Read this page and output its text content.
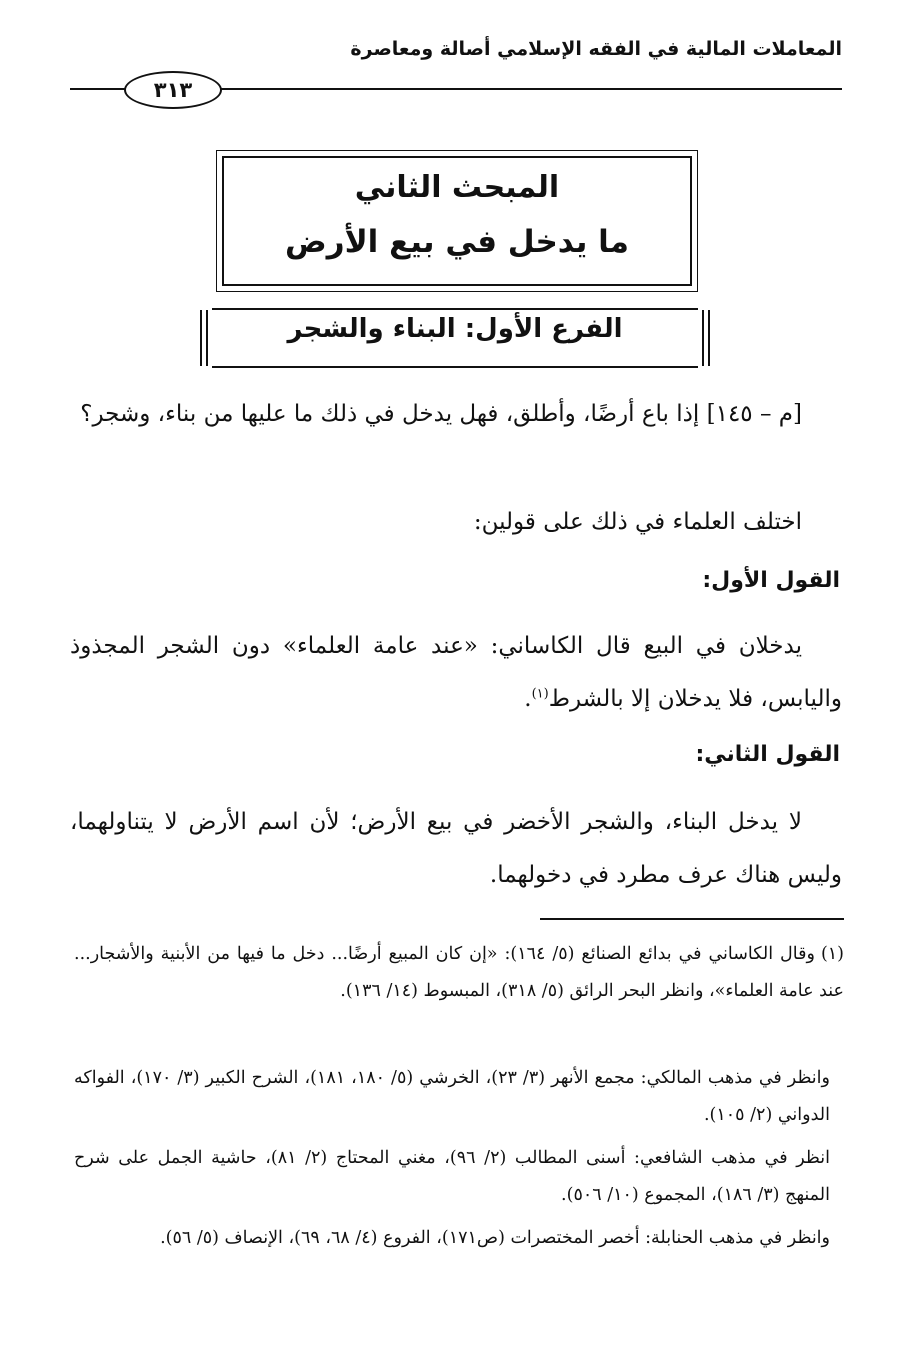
المعاملات المالية في الفقه الإسلامي أصالة ومعاصرة
٣١٣
المبحث الثاني
ما يدخل في بيع الأرض
الفرع الأول: البناء والشجر
[م – ١٤٥] إذا باع أرضًا، وأطلق، فهل يدخل في ذلك ما عليها من بناء، وشجر؟
اختلف العلماء في ذلك على قولين:
القول الأول:
يدخلان في البيع قال الكاساني: «عند عامة العلماء» دون الشجر المجذوذ واليابس، فلا يدخلان إلا بالشرط$^{(١)}$.
القول الثاني:
لا يدخل البناء، والشجر الأخضر في بيع الأرض؛ لأن اسم الأرض لا يتناولهما، وليس هناك عرف مطرد في دخولهما.
(١)وقال الكاساني في بدائع الصنائع (٥/ ١٦٤): «إن كان المبيع أرضًا... دخل ما فيها من الأبنية والأشجار... عند عامة العلماء»، وانظر البحر الرائق (٥/ ٣١٨)، المبسوط (١٤/ ١٣٦).
وانظر في مذهب المالكي: مجمع الأنهر (٣/ ٢٣)، الخرشي (٥/ ١٨٠، ١٨١)، الشرح الكبير (٣/ ١٧٠)، الفواكه الدواني (٢/ ١٠٥).
انظر في مذهب الشافعي: أسنى المطالب (٢/ ٩٦)، مغني المحتاج (٢/ ٨١)، حاشية الجمل على شرح المنهج (٣/ ١٨٦)، المجموع (١٠/ ٥٠٦).
وانظر في مذهب الحنابلة: أخصر المختصرات (ص١٧١)، الفروع (٤/ ٦٨، ٦٩)، الإنصاف (٥/ ٥٦).
